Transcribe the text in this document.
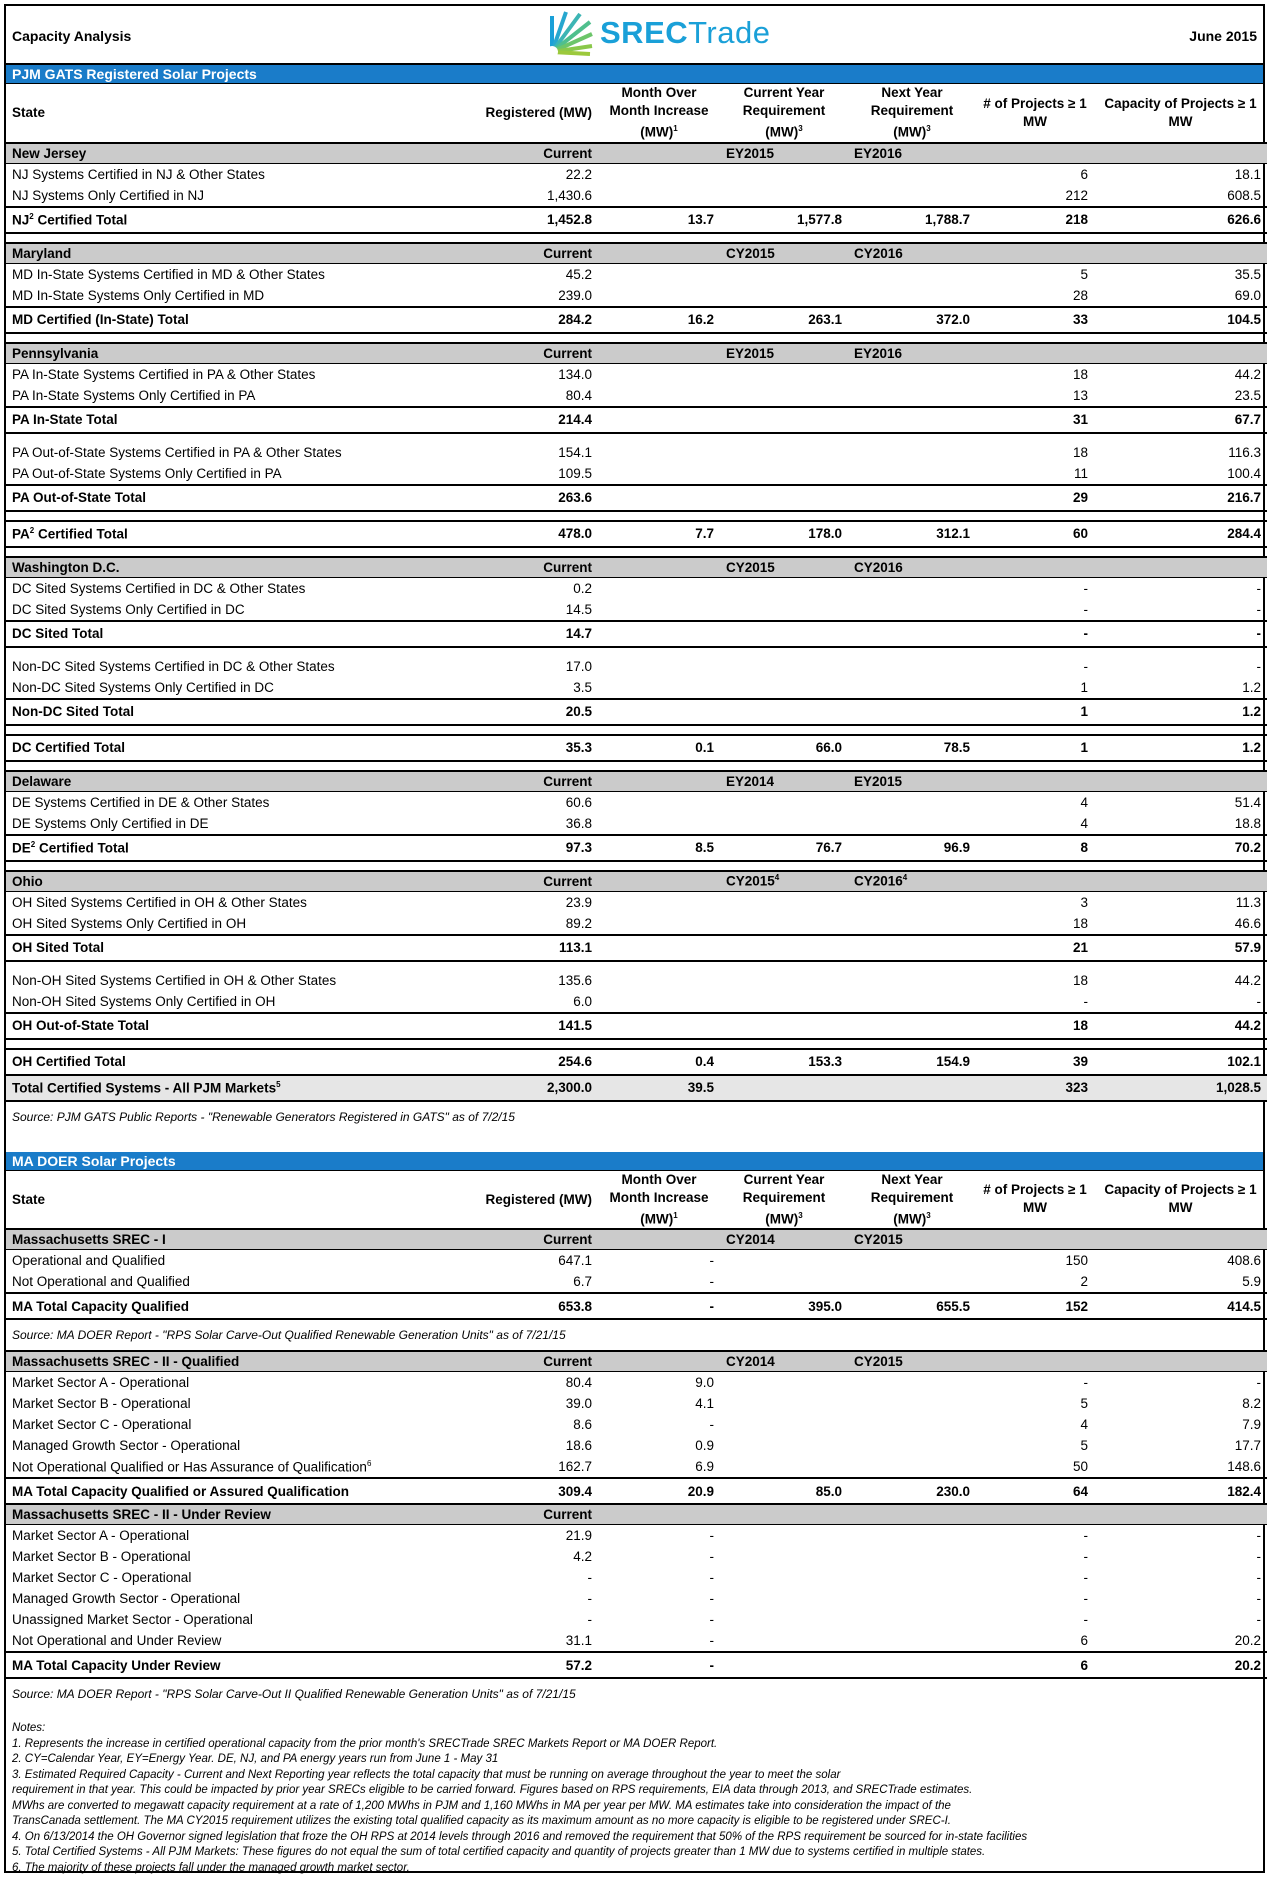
Capacity Analysis	SRECTrade	June 2015
PJM GATS Registered Solar Projects
State	Registered (MW)	Month Over Month Increase (MW)$^1$	Current Year Requirement (MW)$^3$	Next Year Requirement (MW)$^3$	# of Projects ≥ 1 MW	Capacity of Projects ≥ 1 MW
New Jersey	Current		EY2015	EY2016		
NJ Systems Certified in NJ & Other States	22.2				6	18.1
NJ Systems Only Certified in NJ	1,430.6				212	608.5
$NJ^2$ Certified Total	1,452.8	13.7	1,577.8	1,788.7	218	626.6

Maryland	Current		CY2015	CY2016		
MD In-State Systems Certified in MD & Other States	45.2				5	35.5
MD In-State Systems Only Certified in MD	239.0				28	69.0
MD Certified (In-State) Total	284.2	16.2	263.1	372.0	33	104.5

Pennsylvania	Current		EY2015	EY2016		
PA In-State Systems Certified in PA & Other States	134.0				18	44.2
PA In-State Systems Only Certified in PA	80.4				13	23.5
PA In-State Total	214.4				31	67.7

PA Out-of-State Systems Certified in PA & Other States	154.1				18	116.3
PA Out-of-State Systems Only Certified in PA	109.5				11	100.4
PA Out-of-State Total	263.6				29	216.7

$PA^2$ Certified Total	478.0	7.7	178.0	312.1	60	284.4

Washington D.C.	Current		CY2015	CY2016		
DC Sited Systems Certified in DC & Other States	0.2				-	-
DC Sited Systems Only Certified in DC	14.5				-	-
DC Sited Total	14.7				-	-

Non-DC Sited Systems Certified in DC & Other States	17.0				-	-
Non-DC Sited Systems Only Certified in DC	3.5				1	1.2
Non-DC Sited Total	20.5				1	1.2

DC Certified Total	35.3	0.1	66.0	78.5	1	1.2

Delaware	Current		EY2014	EY2015		
DE Systems Certified in DE & Other States	60.6				4	51.4
DE Systems Only Certified in DE	36.8				4	18.8
$DE^2$ Certified Total	97.3	8.5	76.7	96.9	8	70.2

Ohio	Current		CY2015$^4$	CY2016$^4$		
OH Sited Systems Certified in OH & Other States	23.9				3	11.3
OH Sited Systems Only Certified in OH	89.2				18	46.6
OH Sited Total	113.1				21	57.9

Non-OH Sited Systems Certified in OH & Other States	135.6				18	44.2
Non-OH Sited Systems Only Certified in OH	6.0				-	-
OH Out-of-State Total	141.5				18	44.2

OH Certified Total	254.6	0.4	153.3	154.9	39	102.1
Total Certified Systems - All PJM Markets$^5$	2,300.0	39.5			323	1,028.5
Source: PJM GATS Public Reports - "Renewable Generators Registered in GATS" as of 7/2/15						
MA DOER Solar Projects
State	Registered (MW)	Month Over Month Increase (MW)$^1$	Current Year Requirement (MW)$^3$	Next Year Requirement (MW)$^3$	# of Projects ≥ 1 MW	Capacity of Projects ≥ 1 MW
Massachusetts SREC - I	Current		CY2014	CY2015		
Operational and Qualified	647.1	-			150	408.6
Not Operational and Qualified	6.7	-			2	5.9
MA Total Capacity Qualified	653.8	-	395.0	655.5	152	414.5
Source: MA DOER Report - "RPS Solar Carve-Out Qualified Renewable Generation Units" as of 7/21/15						
Massachusetts SREC - II - Qualified	Current		CY2014	CY2015		
Market Sector A - Operational	80.4	9.0			-	-
Market Sector B - Operational	39.0	4.1			5	8.2
Market Sector C - Operational	8.6	-			4	7.9
Managed Growth Sector - Operational	18.6	0.9			5	17.7
Not Operational Qualified or Has Assurance of Qualification$^6$	162.7	6.9			50	148.6
MA Total Capacity Qualified or Assured Qualification	309.4	20.9	85.0	230.0	64	182.4
Massachusetts SREC - II - Under Review	Current					
Market Sector A - Operational	21.9	-			-	-
Market Sector B - Operational	4.2	-			-	-
Market Sector C - Operational	-	-			-	-
Managed Growth Sector - Operational	-	-			-	-
Unassigned Market Sector - Operational	-	-			-	-
Not Operational and Under Review	31.1	-			6	20.2
MA Total Capacity Under Review	57.2	-			6	20.2
Source: MA DOER Report - "RPS Solar Carve-Out II Qualified Renewable Generation Units" as of 7/21/15						
Notes:
1. Represents the increase in certified operational capacity from the prior month's SRECTrade SREC Markets Report or MA DOER Report.
2. CY=Calendar Year, EY=Energy Year. DE, NJ, and PA energy years run from June 1 - May 31
3. Estimated Required Capacity - Current and Next Reporting year reflects the total capacity that must be running on average throughout the year to meet the solar
requirement in that year. This could be impacted by prior year SRECs eligible to be carried forward. Figures based on RPS requirements, EIA data through 2013, and SRECTrade estimates.
MWhs are converted to megawatt capacity requirement at a rate of 1,200 MWhs in PJM and 1,160 MWhs in MA per year per MW. MA estimates take into consideration the impact of the
TransCanada settlement. The MA CY2015 requirement utilizes the existing total qualified capacity as its maximum amount as no more capacity is eligible to be registered under SREC-I.
4. On 6/13/2014 the OH Governor signed legislation that froze the OH RPS at 2014 levels through 2016 and removed the requirement that 50% of the RPS requirement be sourced for in-state facilities
5. Total Certified Systems - All PJM Markets: These figures do not equal the sum of total certified capacity and quantity of projects greater than 1 MW due to systems certified in multiple states.
6. The majority of these projects fall under the managed growth market sector.
